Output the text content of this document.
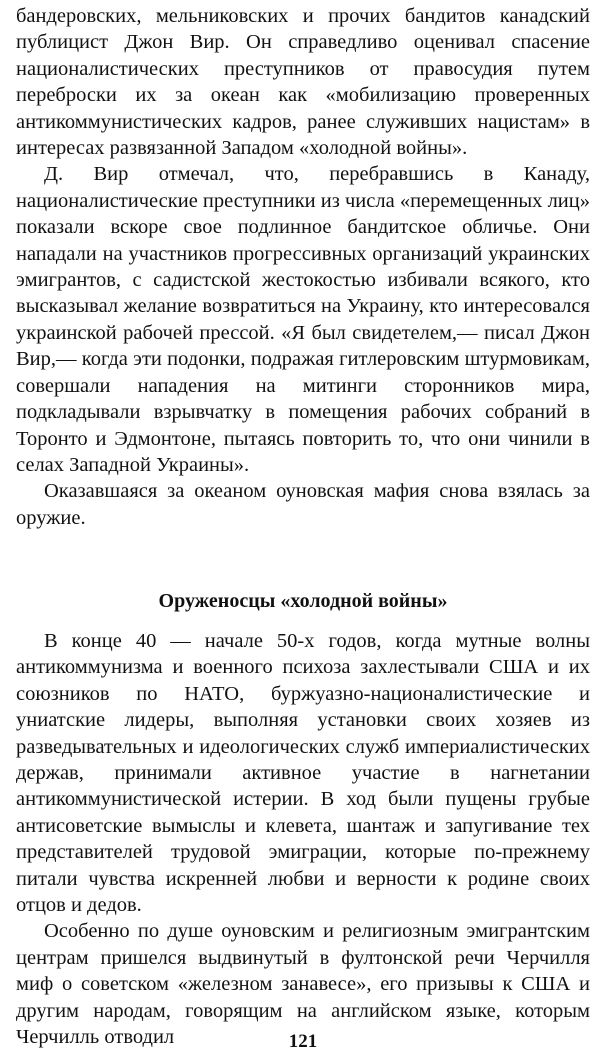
бандеровских, мельниковских и прочих бандитов канадский публицист Джон Вир. Он справедливо оценивал спасение националистических преступников от правосудия путем переброски их за океан как «мобилизацию проверенных антикоммунистических кадров, ранее служивших нацистам» в интересах развязанной Западом «холодной войны».

Д. Вир отмечал, что, перебравшись в Канаду, националистические преступники из числа «перемещенных лиц» показали вскоре свое подлинное бандитское обличье. Они нападали на участников прогрессивных организаций украинских эмигрантов, с садистской жестокостью избивали всякого, кто высказывал желание возвратиться на Украину, кто интересовался украинской рабочей прессой. «Я был свидетелем,— писал Джон Вир,— когда эти подонки, подражая гитлеровским штурмовикам, совершали нападения на митинги сторонников мира, подкладывали взрывчатку в помещения рабочих собраний в Торонто и Эдмонтоне, пытаясь повторить то, что они чинили в селах Западной Украины».

Оказавшаяся за океаном оуновская мафия снова взялась за оружие.

Оруженосцы «холодной войны»

В конце 40 — начале 50-х годов, когда мутные волны антикоммунизма и военного психоза захлестывали США и их союзников по НАТО, буржуазно-националистические и униатские лидеры, выполняя установки своих хозяев из разведывательных и идеологических служб империалистических держав, принимали активное участие в нагнетании антикоммунистической истерии. В ход были пущены грубые антисоветские вымыслы и клевета, шантаж и запугивание тех представителей трудовой эмиграции, которые по-прежнему питали чувства искренней любви и верности к родине своих отцов и дедов.

Особенно по душе оуновским и религиозным эмигрантским центрам пришелся выдвинутый в фултонской речи Черчилля миф о советском «железном занавесе», его призывы к США и другим народам, говорящим на английском языке, которым Черчилль отводил	121
